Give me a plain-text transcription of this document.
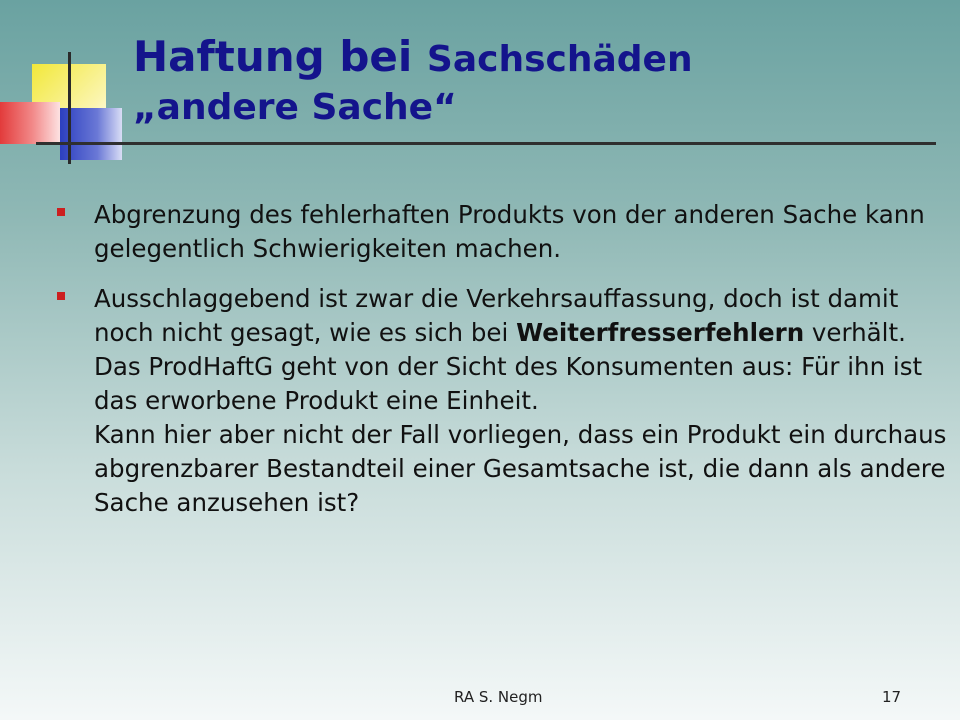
Haftung bei Sachschäden
„andere Sache“
Abgrenzung des fehlerhaften Produkts von der anderen Sache kann gelegentlich Schwierigkeiten machen.
Ausschlaggebend ist zwar die Verkehrsauffassung, doch ist damit noch nicht gesagt, wie es sich bei Weiterfresserfehlern verhält. Das ProdHaftG geht von der Sicht des Konsumenten aus: Für ihn ist das erworbene Produkt eine Einheit.
Kann hier aber nicht der Fall vorliegen, dass ein Produkt ein durchaus abgrenzbarer Bestandteil einer Gesamtsache ist, die dann als andere Sache anzusehen ist?
RA S. Negm	17
